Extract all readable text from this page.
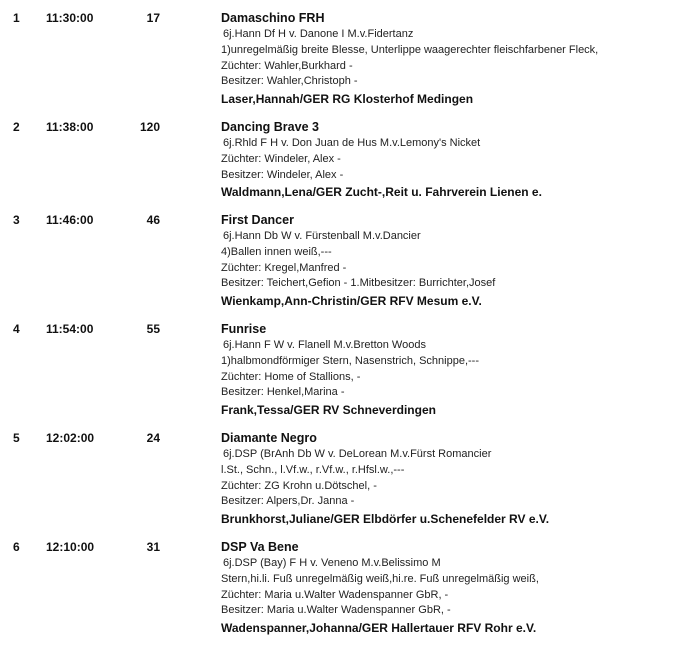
1 11:30:00	17	Damaschino FRH
6j.Hann Df H v. Danone I M.v.Fidertanz
1)unregelmäßig breite Blesse, Unterlippe waagerechter fleischfarbener Fleck,
Züchter: Wahler,Burkhard -
Besitzer: Wahler,Christoph -
Laser,Hannah/GER RG Klosterhof Medingen
2 11:38:00	120	Dancing Brave 3
6j.Rhld F H v. Don Juan de Hus M.v.Lemony's Nicket
Züchter: Windeler, Alex -
Besitzer: Windeler, Alex -
Waldmann,Lena/GER Zucht-,Reit u. Fahrverein Lienen e.
3 11:46:00	46	First Dancer
6j.Hann Db W v. Fürstenball M.v.Dancier
4)Ballen innen weiß,---
Züchter: Kregel,Manfred -
Besitzer: Teichert,Gefion - 1.Mitbesitzer: Burrichter,Josef
Wienkamp,Ann-Christin/GER RFV Mesum e.V.
4 11:54:00	55	Funrise
6j.Hann F W v. Flanell M.v.Bretton Woods
1)halbmondförmiger Stern, Nasenstrich, Schnippe,---
Züchter: Home of Stallions, -
Besitzer: Henkel,Marina -
Frank,Tessa/GER RV Schneverdingen
5 12:02:00	24	Diamante Negro
6j.DSP (BrAnh Db W v. DeLorean M.v.Fürst Romancier
l.St., Schn., l.Vf.w., r.Vf.w., r.Hfsl.w.,---
Züchter: ZG Krohn u.Dötschel, -
Besitzer: Alpers,Dr. Janna -
Brunkhorst,Juliane/GER Elbdörfer u.Schenefelder RV e.V.
6 12:10:00	31	DSP Va Bene
6j.DSP (Bay) F H v. Veneno M.v.Belissimo M
Stern,hi.li. Fuß unregelmäßig weiß,hi.re. Fuß unregelmäßig weiß,
Züchter: Maria u.Walter Wadenspanner GbR, -
Besitzer: Maria u.Walter Wadenspanner GbR, -
Wadenspanner,Johanna/GER Hallertauer RFV Rohr e.V.
